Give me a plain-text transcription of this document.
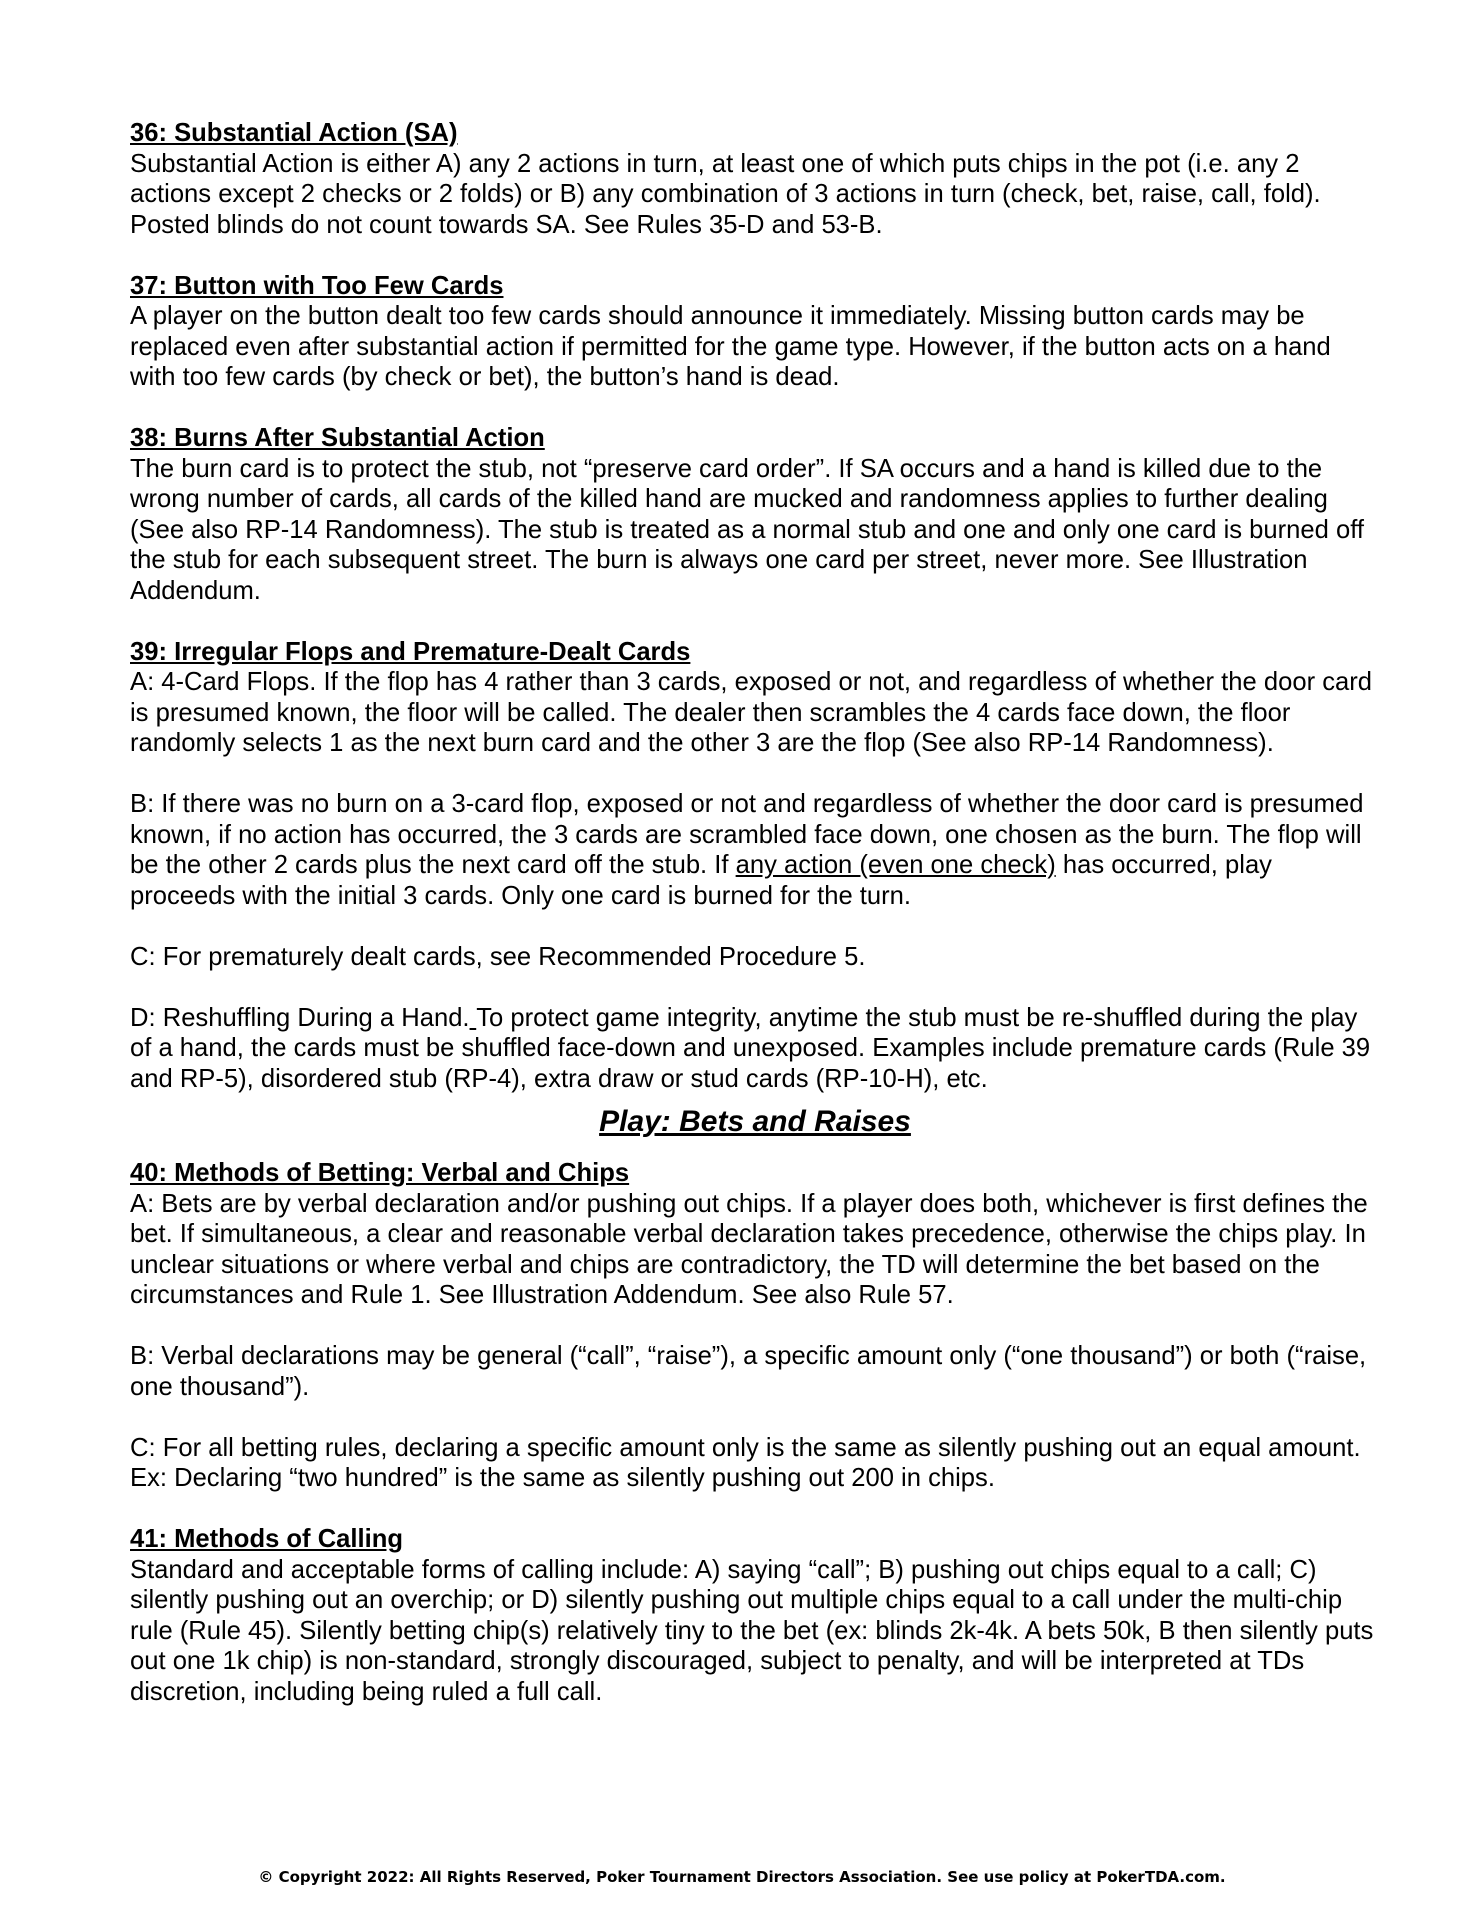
36: Substantial Action (SA)

Substantial Action is either A) any 2 actions in turn, at least one of which puts chips in the pot (i.e. any 2 actions except 2 checks or 2 folds) or B) any combination of 3 actions in turn (check, bet, raise, call, fold). Posted blinds do not count towards SA. See Rules 35-D and 53-B.

37: Button with Too Few Cards

A player on the button dealt too few cards should announce it immediately. Missing button cards may be replaced even after substantial action if permitted for the game type. However, if the button acts on a hand with too few cards (by check or bet), the button’s hand is dead.

38: Burns After Substantial Action

The burn card is to protect the stub, not “preserve card order”. If SA occurs and a hand is killed due to the wrong number of cards, all cards of the killed hand are mucked and randomness applies to further dealing (See also RP-14 Randomness). The stub is treated as a normal stub and one and only one card is burned off the stub for each subsequent street. The burn is always one card per street, never more. See Illustration Addendum.

39: Irregular Flops and Premature-Dealt Cards

A: 4-Card Flops. If the flop has 4 rather than 3 cards, exposed or not, and regardless of whether the door card is presumed known, the floor will be called. The dealer then scrambles the 4 cards face down, the floor randomly selects 1 as the next burn card and the other 3 are the flop (See also RP-14 Randomness).

B: If there was no burn on a 3-card flop, exposed or not and regardless of whether the door card is presumed known, if no action has occurred, the 3 cards are scrambled face down, one chosen as the burn. The flop will be the other 2 cards plus the next card off the stub. If any action (even one check) has occurred, play proceeds with the initial 3 cards. Only one card is burned for the turn.

C: For prematurely dealt cards, see Recommended Procedure 5.

D: Reshuffling During a Hand. To protect game integrity, anytime the stub must be re-shuffled during the play of a hand, the cards must be shuffled face-down and unexposed. Examples include premature cards (Rule 39 and RP-5), disordered stub (RP-4), extra draw or stud cards (RP-10-H), etc.

Play: Bets and Raises
40: Methods of Betting: Verbal and Chips

A: Bets are by verbal declaration and/or pushing out chips. If a player does both, whichever is first defines the bet. If simultaneous, a clear and reasonable verbal declaration takes precedence, otherwise the chips play. In unclear situations or where verbal and chips are contradictory, the TD will determine the bet based on the circumstances and Rule 1. See Illustration Addendum. See also Rule 57.

B: Verbal declarations may be general (“call”, “raise”), a specific amount only (“one thousand”) or both (“raise, one thousand”).

C: For all betting rules, declaring a specific amount only is the same as silently pushing out an equal amount. Ex: Declaring “two hundred” is the same as silently pushing out 200 in chips.

41: Methods of Calling

Standard and acceptable forms of calling include: A) saying “call”; B) pushing out chips equal to a call; C) silently pushing out an overchip; or D) silently pushing out multiple chips equal to a call under the multi-chip rule (Rule 45). Silently betting chip(s) relatively tiny to the bet (ex: blinds 2k-4k. A bets 50k, B then silently puts out one 1k chip) is non-standard, strongly discouraged, subject to penalty, and will be interpreted at TDs discretion, including being ruled a full call.

© Copyright 2022: All Rights Reserved, Poker Tournament Directors Association. See use policy at PokerTDA.com.
